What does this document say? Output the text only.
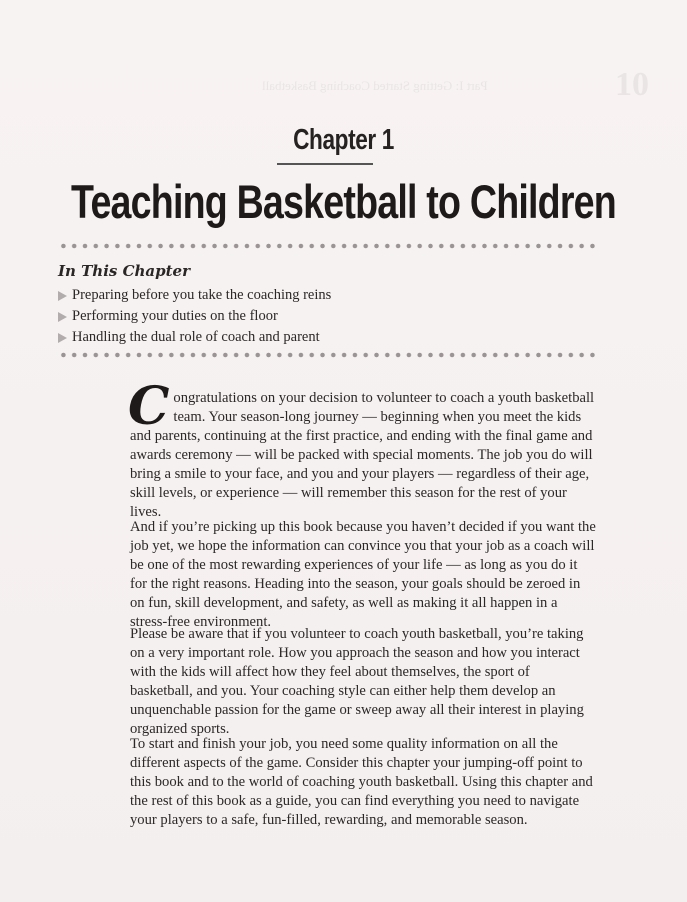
10
Part I: Getting Started Coaching Basketball
Chapter 1
Teaching Basketball to Children
In This Chapter
Preparing before you take the coaching reins
Performing your duties on the floor
Handling the dual role of coach and parent

Congratulations on your decision to volunteer to coach a youth basketball team. Your season-long journey — beginning when you meet the kids and parents, continuing at the first practice, and ending with the final game and awards ceremony — will be packed with special moments. The job you do will bring a smile to your face, and you and your players — regardless of their age, skill levels, or experience — will remember this season for the rest of your lives.

And if you’re picking up this book because you haven’t decided if you want the job yet, we hope the information can convince you that your job as a coach will be one of the most rewarding experiences of your life — as long as you do it for the right reasons. Heading into the season, your goals should be zeroed in on fun, skill development, and safety, as well as making it all happen in a stress-free environment.

Please be aware that if you volunteer to coach youth basketball, you’re taking on a very important role. How you approach the season and how you interact with the kids will affect how they feel about themselves, the sport of basketball, and you. Your coaching style can either help them develop an unquenchable passion for the game or sweep away all their interest in playing organized sports.

To start and finish your job, you need some quality information on all the different aspects of the game. Consider this chapter your jumping-off point to this book and to the world of coaching youth basketball. Using this chapter and the rest of this book as a guide, you can find everything you need to navigate your players to a safe, fun-filled, rewarding, and memorable season.
